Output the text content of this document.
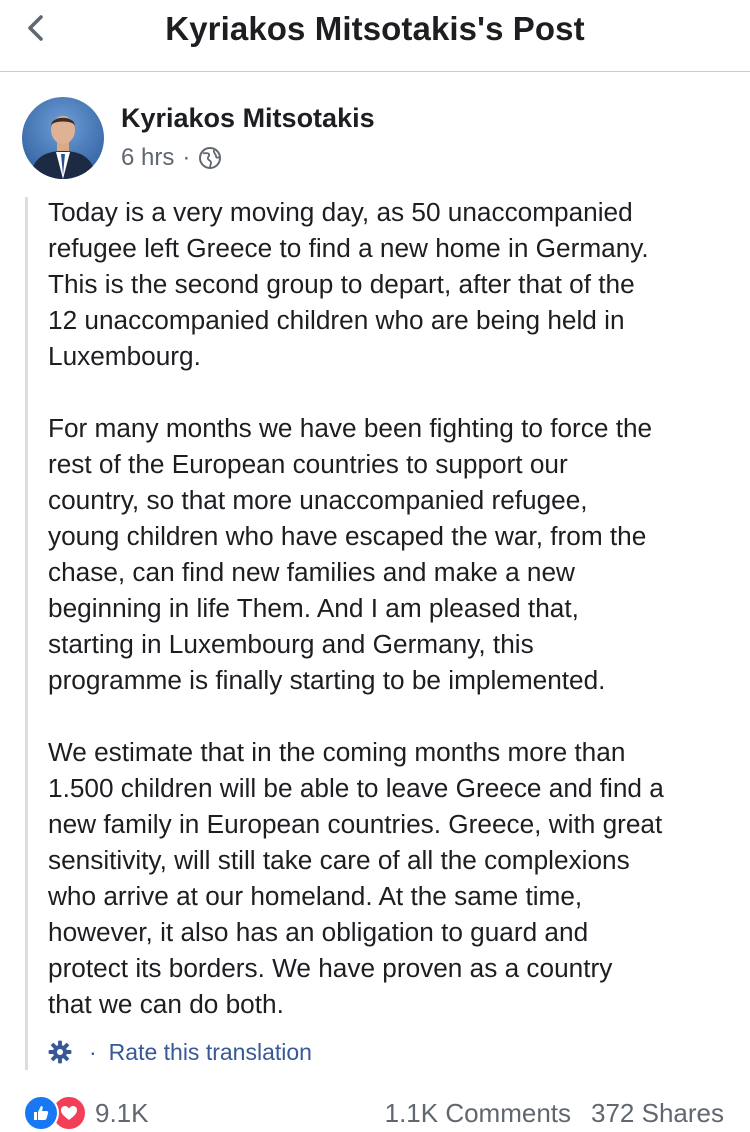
Kyriakos Mitsotakis's Post
Kyriakos Mitsotakis
6 hrs ·

Today is a very moving day, as 50 unaccompanied
refugee left Greece to find a new home in Germany.
This is the second group to depart, after that of the
12 unaccompanied children who are being held in
Luxembourg.

For many months we have been fighting to force the
rest of the European countries to support our
country, so that more unaccompanied refugee,
young children who have escaped the war, from the
chase, can find new families and make a new
beginning in life Them. And I am pleased that,
starting in Luxembourg and Germany, this
programme is finally starting to be implemented.

We estimate that in the coming months more than
1.500 children will be able to leave Greece and find a
new family in European countries. Greece, with great
sensitivity, will still take care of all the complexions
who arrive at our homeland. At the same time,
however, it also has an obligation to guard and
protect its borders. We have proven as a country
that we can do both.

· Rate this translation
9.1K	1.1K Comments 372 Shares
